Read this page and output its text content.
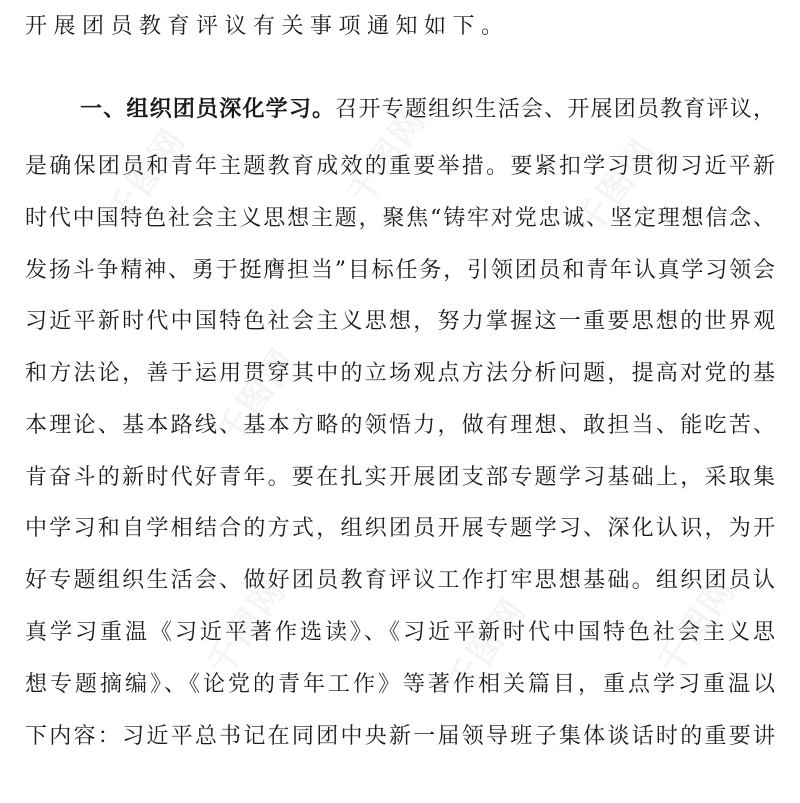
千图网	千图网	千图网
千图网
千图网	千图网	千图网
开展团员教育评议有关事项通知如下。
一、组织团员深化学习。召开专题组织生活会、开展团员教育评议，
是确保团员和青年主题教育成效的重要举措。要紧扣学习贯彻习近平新
时代中国特色社会主义思想主题，聚焦“铸牢对党忠诚、坚定理想信念、
发扬斗争精神、勇于挺膺担当”目标任务，引领团员和青年认真学习领会
习近平新时代中国特色社会主义思想，努力掌握这一重要思想的世界观
和方法论，善于运用贯穿其中的立场观点方法分析问题，提高对党的基
本理论、基本路线、基本方略的领悟力，做有理想、敢担当、能吃苦、
肯奋斗的新时代好青年。要在扎实开展团支部专题学习基础上，采取集
中学习和自学相结合的方式，组织团员开展专题学习、深化认识，为开
好专题组织生活会、做好团员教育评议工作打牢思想基础。组织团员认
真学习重温《习近平著作选读》、《习近平新时代中国特色社会主义思
想专题摘编》、《论党的青年工作》等著作相关篇目，重点学习重温以
下内容：习近平总书记在同团中央新一届领导班子集体谈话时的重要讲
